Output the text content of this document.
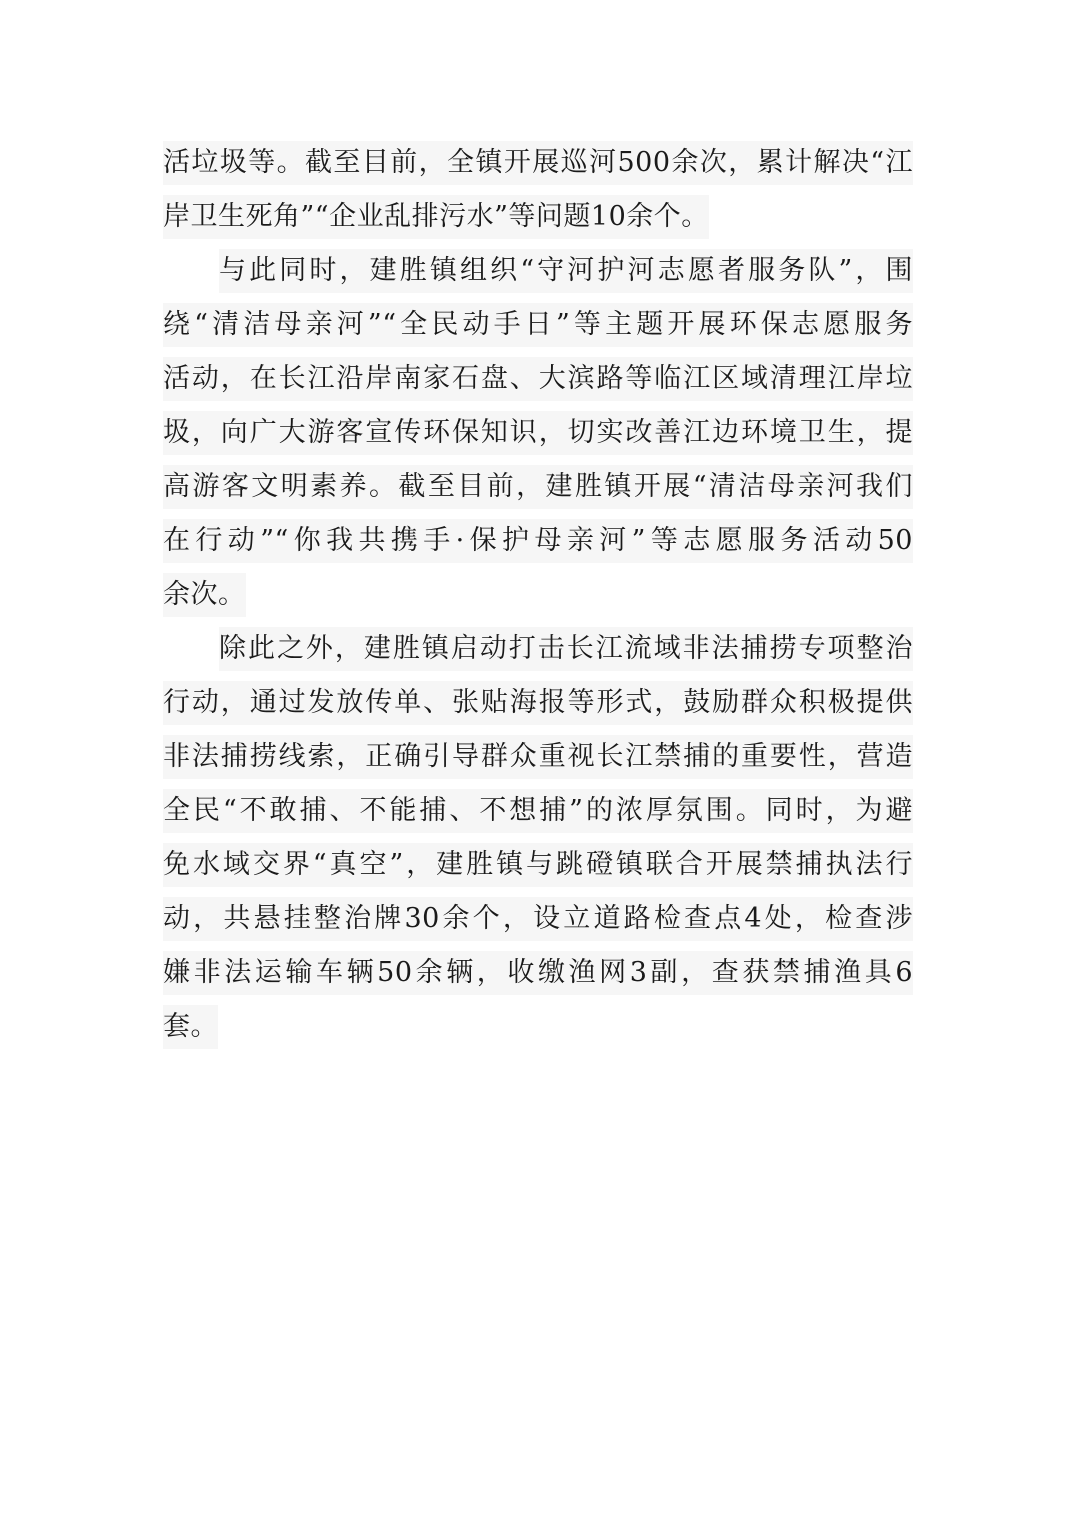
活垃圾等。截至目前，全镇开展巡河500余次，累计解决“江
岸卫生死角”“企业乱排污水”等问题10余个。
与此同时，建胜镇组织“守河护河志愿者服务队”，围
绕“清洁母亲河”“全民动手日”等主题开展环保志愿服务
活动，在长江沿岸南家石盘、大滨路等临江区域清理江岸垃
圾，向广大游客宣传环保知识，切实改善江边环境卫生，提
高游客文明素养。截至目前，建胜镇开展“清洁母亲河我们
在行动”“你我共携手·保护母亲河”等志愿服务活动50
余次。
除此之外，建胜镇启动打击长江流域非法捕捞专项整治
行动，通过发放传单、张贴海报等形式，鼓励群众积极提供
非法捕捞线索，正确引导群众重视长江禁捕的重要性，营造
全民“不敢捕、不能捕、不想捕”的浓厚氛围。同时，为避
免水域交界“真空”，建胜镇与跳磴镇联合开展禁捕执法行
动，共悬挂整治牌30余个，设立道路检查点4处，检查涉
嫌非法运输车辆50余辆，收缴渔网3副，查获禁捕渔具6
套。
